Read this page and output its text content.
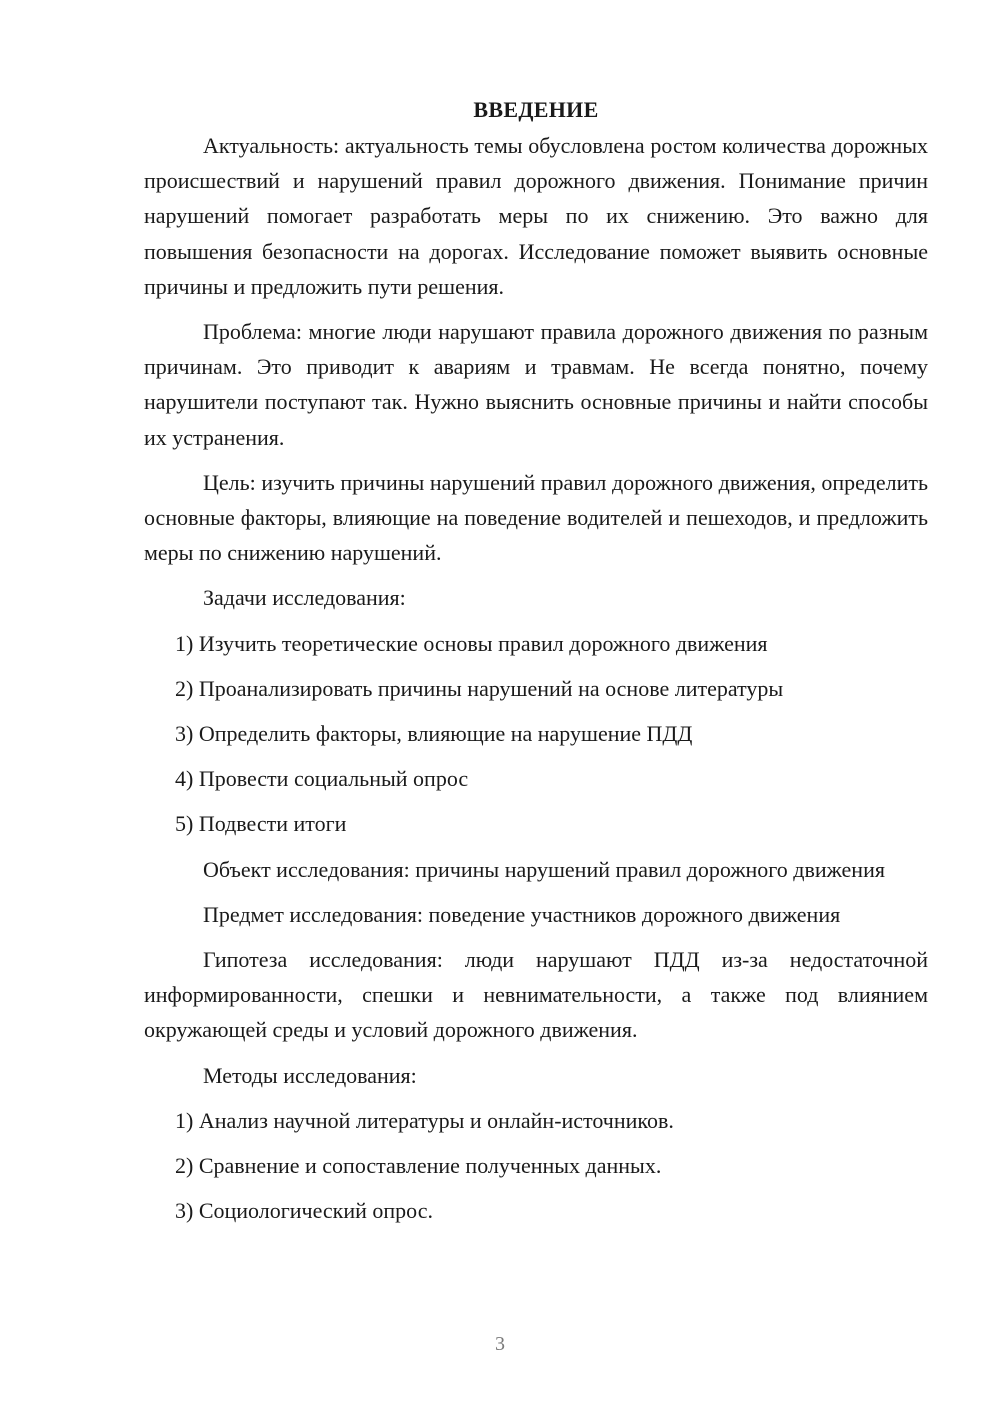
ВВЕДЕНИЕ

Актуальность: актуальность темы обусловлена ростом количества дорожных происшествий и нарушений правил дорожного движения. Понимание причин нарушений помогает разработать меры по их снижению. Это важно для повышения безопасности на дорогах. Исследование поможет выявить основные причины и предложить пути решения.

Проблема: многие люди нарушают правила дорожного движения по разным причинам. Это приводит к авариям и травмам. Не всегда понятно, почему нарушители поступают так. Нужно выяснить основные причины и найти способы их устранения.

Цель: изучить причины нарушений правил дорожного движения, определить основные факторы, влияющие на поведение водителей и пешеходов, и предложить меры по снижению нарушений.

Задачи исследования:

1) Изучить теоретические основы правил дорожного движения

2) Проанализировать причины нарушений на основе литературы

3) Определить факторы, влияющие на нарушение ПДД

4) Провести социальный опрос

5) Подвести итоги

Объект исследования: причины нарушений правил дорожного движения

Предмет исследования: поведение участников дорожного движения

Гипотеза исследования: люди нарушают ПДД из-за недостаточной информированности, спешки и невнимательности, а также под влиянием окружающей среды и условий дорожного движения.

Методы исследования:

1) Анализ научной литературы и онлайн-источников.

2) Сравнение и сопоставление полученных данных.

3) Социологический опрос.

3
